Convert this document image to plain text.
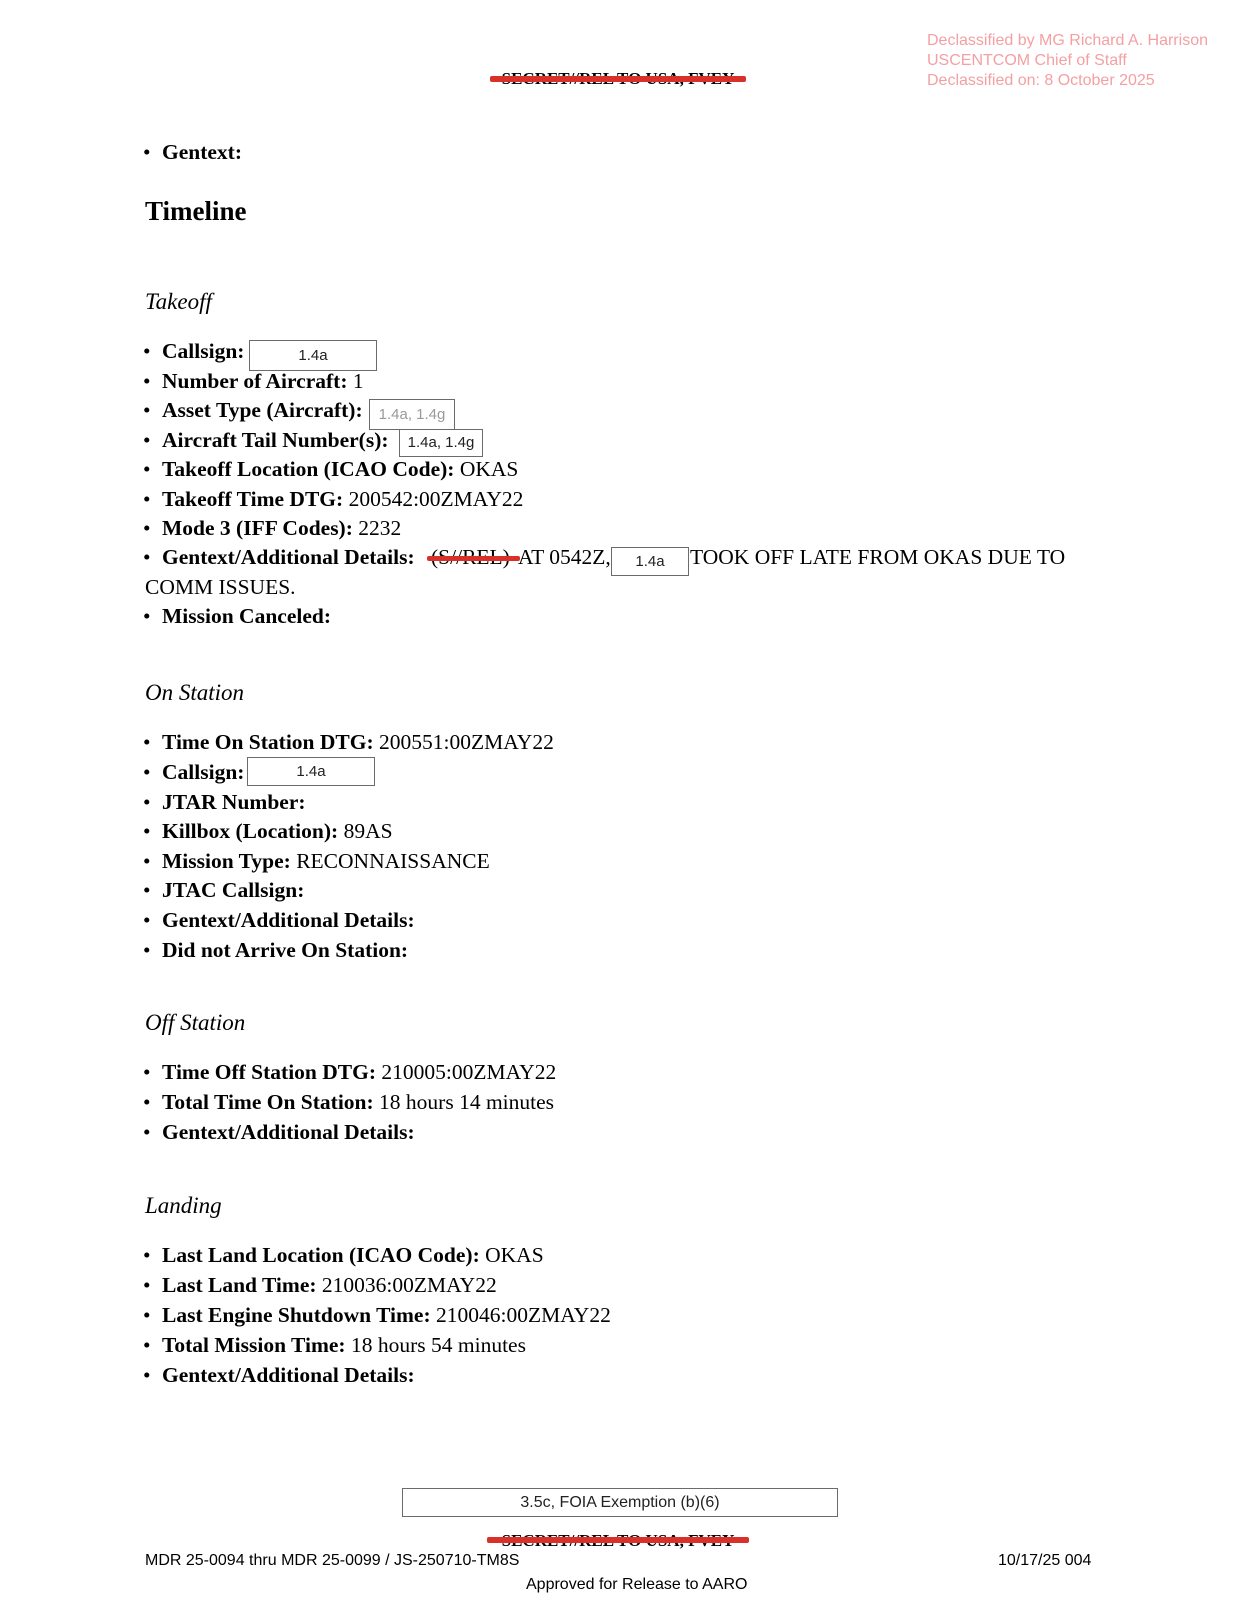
Declassified by MG Richard A. Harrison
USCENTCOM Chief of Staff
Declassified on: 8 October 2025
• Gentext:
Timeline
Takeoff
• Callsign:	1.4a
• Number of Aircraft: 1
• Asset Type (Aircraft):	1.4a, 1.4g
• Aircraft Tail Number(s):	1.4a, 1.4g
• Takeoff Location (ICAO Code): OKAS
• Takeoff Time DTG: 200542:00ZMAY22
• Mode 3 (IFF Codes): 2232
• Gentext/Additional Details:	AT 0542Z,	1.4a	TOOK OFF LATE FROM OKAS DUE TO
COMM ISSUES.
• Mission Canceled:
On Station
• Time On Station DTG: 200551:00ZMAY22
• Callsign:	1.4a
• JTAR Number:
• Killbox (Location): 89AS
• Mission Type: RECONNAISSANCE
• JTAC Callsign:
• Gentext/Additional Details:
• Did not Arrive On Station:
Off Station
• Time Off Station DTG: 210005:00ZMAY22
• Total Time On Station: 18 hours 14 minutes
• Gentext/Additional Details:
Landing
• Last Land Location (ICAO Code): OKAS
• Last Land Time: 210036:00ZMAY22
• Last Engine Shutdown Time: 210046:00ZMAY22
• Total Mission Time: 18 hours 54 minutes
• Gentext/Additional Details:
3.5c, FOIA Exemption (b)(6)
MDR 25-0094 thru MDR 25-0099 / JS-250710-TM8S	10/17/25 004
Approved for Release to AARO
